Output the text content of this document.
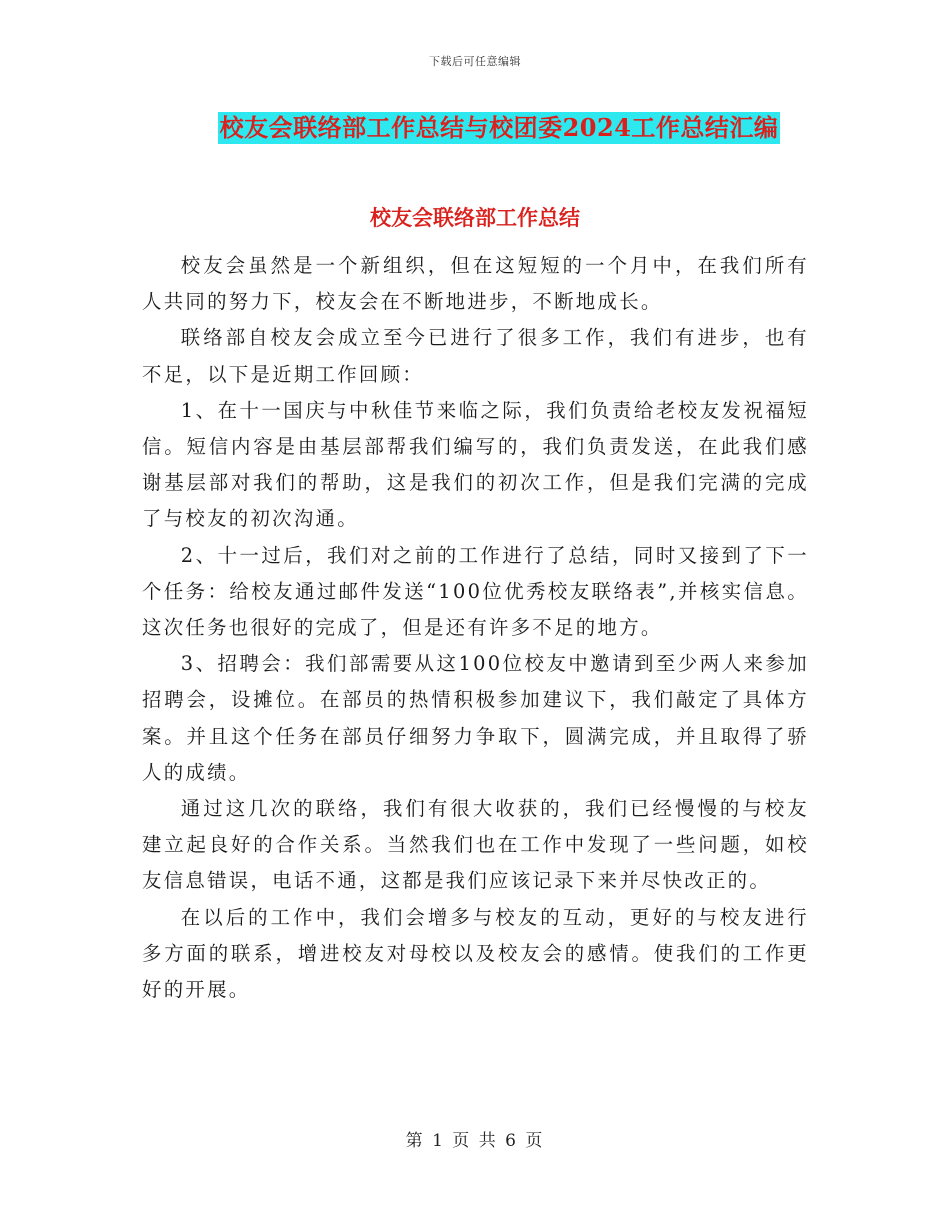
下载后可任意编辑
校友会联络部工作总结与校团委2024工作总结汇编
校友会联络部工作总结

校友会虽然是一个新组织，但在这短短的一个月中，在我们所有人共同的努力下，校友会在不断地进步，不断地成长。

联络部自校友会成立至今已进行了很多工作，我们有进步，也有不足，以下是近期工作回顾：

1、在十一国庆与中秋佳节来临之际，我们负责给老校友发祝福短信。短信内容是由基层部帮我们编写的，我们负责发送，在此我们感谢基层部对我们的帮助，这是我们的初次工作，但是我们完满的完成了与校友的初次沟通。

2、十一过后，我们对之前的工作进行了总结，同时又接到了下一个任务：给校友通过邮件发送“100位优秀校友联络表”,并核实信息。这次任务也很好的完成了，但是还有许多不足的地方。

3、招聘会：我们部需要从这100位校友中邀请到至少两人来参加招聘会，设摊位。在部员的热情积极参加建议下，我们敲定了具体方案。并且这个任务在部员仔细努力争取下，圆满完成，并且取得了骄人的成绩。

通过这几次的联络，我们有很大收获的，我们已经慢慢的与校友建立起良好的合作关系。当然我们也在工作中发现了一些问题，如校友信息错误，电话不通，这都是我们应该记录下来并尽快改正的。

在以后的工作中，我们会增多与校友的互动，更好的与校友进行多方面的联系，增进校友对母校以及校友会的感情。使我们的工作更好的开展。

第 1 页 共 6 页
